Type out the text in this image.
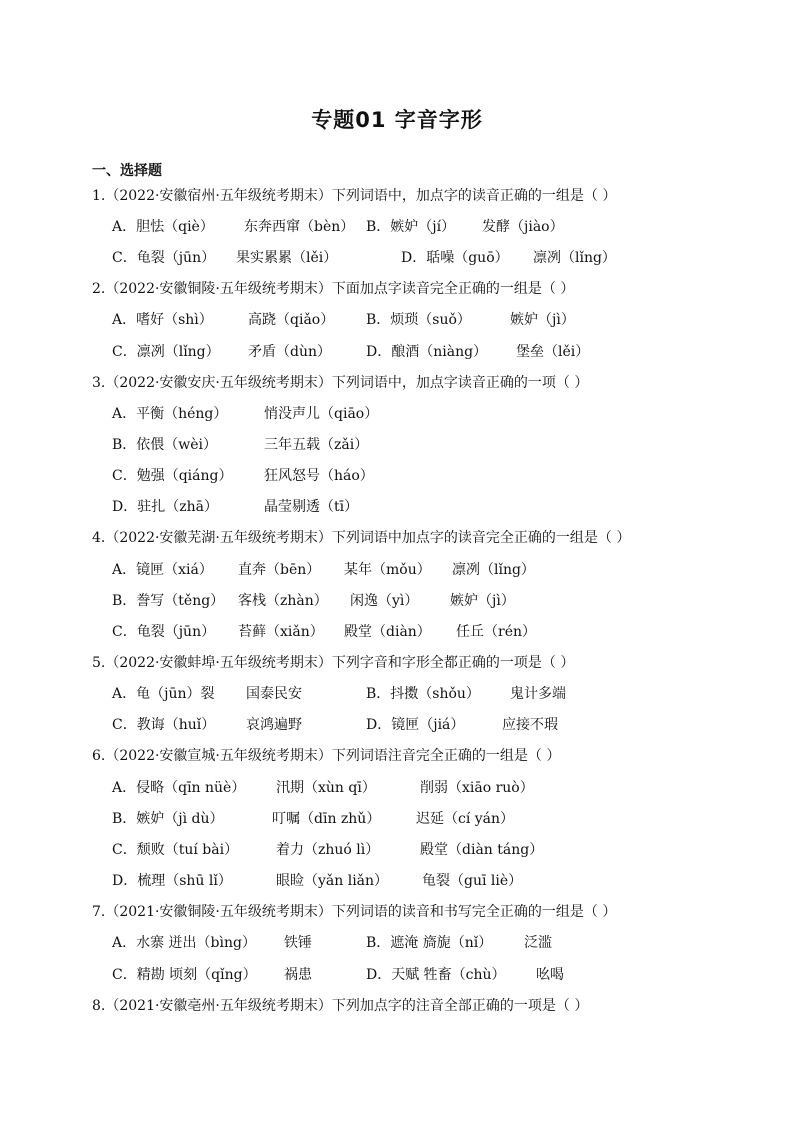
专题01 字音字形
一、选择题
1.（2022·安徽宿州·五年级统考期末）下列词语中，加点字的读音正确的一组是（ ）
A．胆怯（qiè） 东奔西窜（bèn） B．嫉妒（jí） 发酵（jiào）
C．龟裂（jūn） 果实累累（lěi）	D．聒噪（guō） 凛冽（lǐng）
2.（2022·安徽铜陵·五年级统考期末）下面加点字读音完全正确的一组是（ ）
A．嗜好（shì）	高跷（qiǎo） B．烦琐（suǒ）	嫉妒（jì）
C．凛冽（lǐng） 矛盾（dùn）	D．酿酒（niàng） 堡垒（lěi）
3.（2022·安徽安庆·五年级统考期末）下列词语中，加点字读音正确的一项（ ）
A．平衡（héng）	悄没声儿（qiāo）
B．依偎（wèi）	三年五载（zǎi）
C．勉强（qiáng） 狂风怒号（háo）
D．驻扎（zhā）	晶莹剔透（tī）
4.（2022·安徽芜湖·五年级统考期末）下列词语中加点字的读音完全正确的一组是（ ）
A．镜匣（xiá） 直奔（bēn） 某年（mǒu） 凛冽（lǐng）
B．誊写（těng） 客栈（zhàn） 闲逸（yì） 嫉妒（jì）
C．龟裂（jūn） 苔藓（xiǎn） 殿堂（diàn） 任丘（rén）
5.（2022·安徽蚌埠·五年级统考期末）下列字音和字形全都正确的一项是（ ）
A．龟（jūn）裂 国泰民安	B．抖擞（shǒu） 鬼计多端
C．教诲（huǐ） 哀鸿遍野	D．镜匣（jiá）	应接不瑕
6.（2022·安徽宣城·五年级统考期末）下列词语注音完全正确的一组是（ ）
A．侵略（qīn nüè） 汛期（xùn qī）	削弱（xiāo ruò）
B．嫉妒（jì dù）	叮嘱（dīn zhǔ）	迟延（cí yán）
C．颓败（tuí bài）	着力（zhuó lì）	殿堂（diàn táng）
D．梳理（shū lǐ）	眼睑（yǎn liǎn） 龟裂（guī liè）
7.（2021·安徽铜陵·五年级统考期末）下列词语的读音和书写完全正确的一组是（ ）
A．水寨 迸出（bìng） 铁锤	B．遮淹 旖旎（nǐ） 泛滥
C．精勘 顷刻（qǐng） 祸患	D．天赋 牲畜（chù） 吆喝
8.（2021·安徽亳州·五年级统考期末）下列加点字的注音全部正确的一项是（ ）
